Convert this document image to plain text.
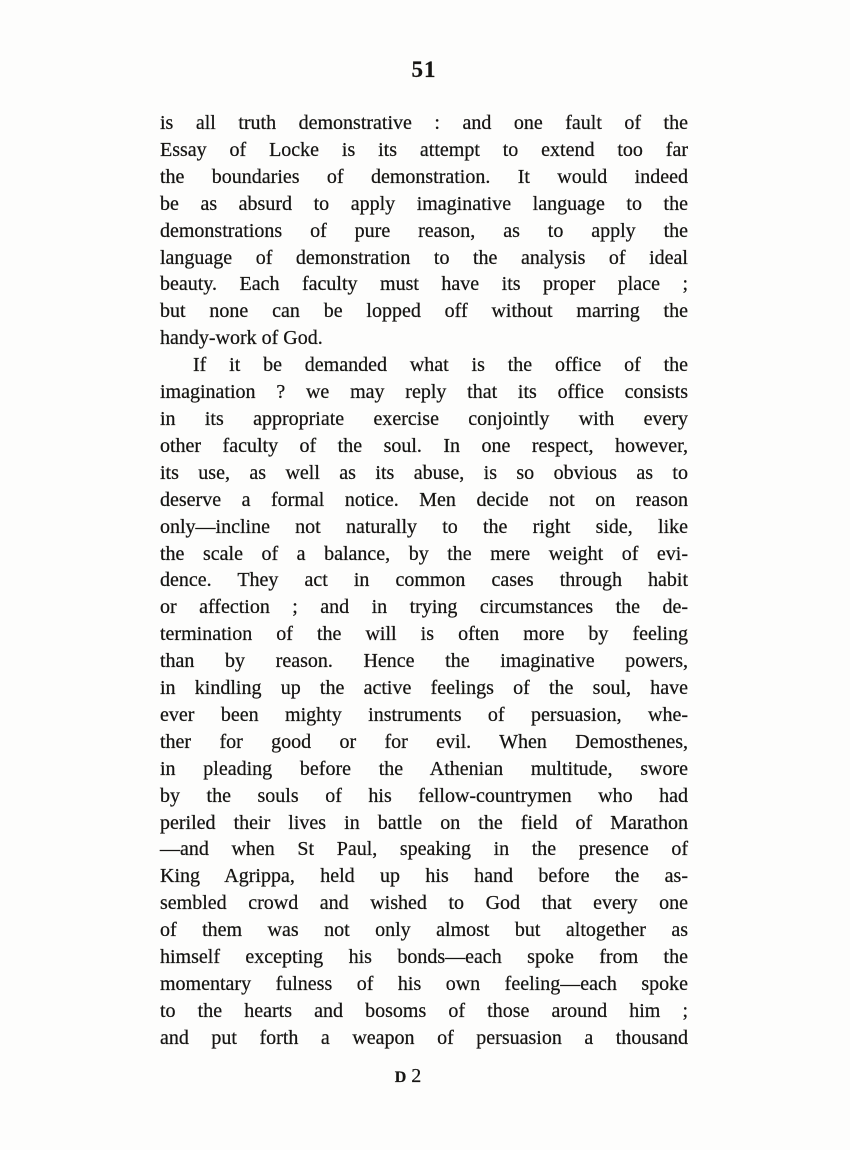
51
is all truth demonstrative : and one fault of the
Essay of Locke is its attempt to extend too far
the boundaries of demonstration. It would indeed
be as absurd to apply imaginative language to the
demonstrations of pure reason, as to apply the
language of demonstration to the analysis of ideal
beauty. Each faculty must have its proper place ;
but none can be lopped off without marring the
handy-work of God.
If it be demanded what is the office of the
imagination ? we may reply that its office consists
in its appropriate exercise conjointly with every
other faculty of the soul. In one respect, however,
its use, as well as its abuse, is so obvious as to
deserve a formal notice. Men decide not on reason
only—incline not naturally to the right side, like
the scale of a balance, by the mere weight of evi-
dence. They act in common cases through habit
or affection ; and in trying circumstances the de-
termination of the will is often more by feeling
than by reason. Hence the imaginative powers,
in kindling up the active feelings of the soul, have
ever been mighty instruments of persuasion, whe-
ther for good or for evil. When Demosthenes,
in pleading before the Athenian multitude, swore
by the souls of his fellow-countrymen who had
periled their lives in battle on the field of Marathon
—and when St Paul, speaking in the presence of
King Agrippa, held up his hand before the as-
sembled crowd and wished to God that every one
of them was not only almost but altogether as
himself excepting his bonds—each spoke from the
momentary fulness of his own feeling—each spoke
to the hearts and bosoms of those around him ;
and put forth a weapon of persuasion a thousand
D 2
